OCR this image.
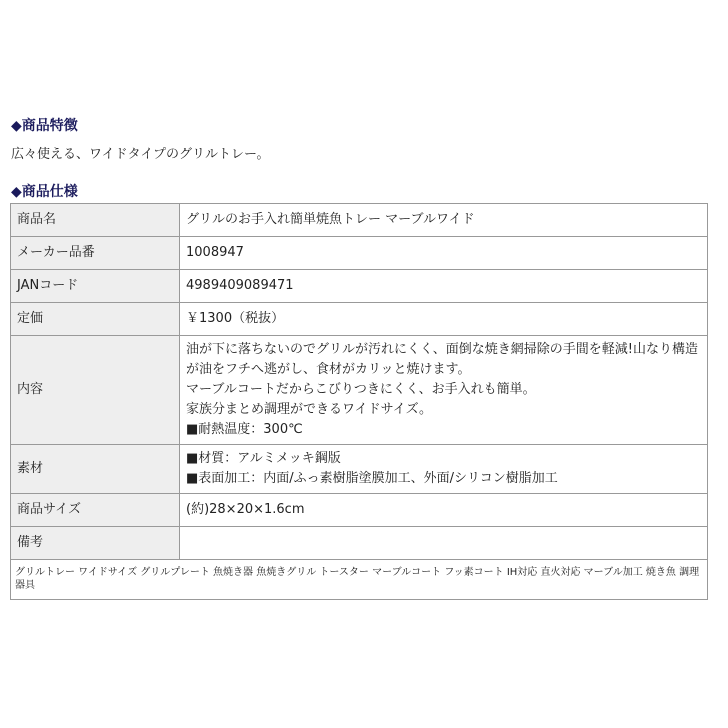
◆商品特徴

広々使える、ワイドタイプのグリルトレー。

◆商品仕様
商品名	グリルのお手入れ簡単焼魚トレー マーブルワイド
メーカー品番	1008947
JANコード	4989409089471
定価	￥1300（税抜）
内容	油が下に落ちないのでグリルが汚れにくく、面倒な焼き網掃除の手間を軽減!山なり構造
が油をフチへ逃がし、食材がカリッと焼けます。
マーブルコートだからこびりつきにくく、お手入れも簡単。
家族分まとめ調理ができるワイドサイズ。
■耐熱温度：300℃

素材	■材質：アルミメッキ鋼版
■表面加工：内面/ふっ素樹脂塗膜加工、外面/シリコン樹脂加工

商品サイズ	(約)28×20×1.6cm
備考	
グリルトレー ワイドサイズ グリルプレート 魚焼き器 魚焼きグリル トースター マーブルコート フッ素コート IH対応 直火対応 マーブル加工 焼き魚 調理器具	
